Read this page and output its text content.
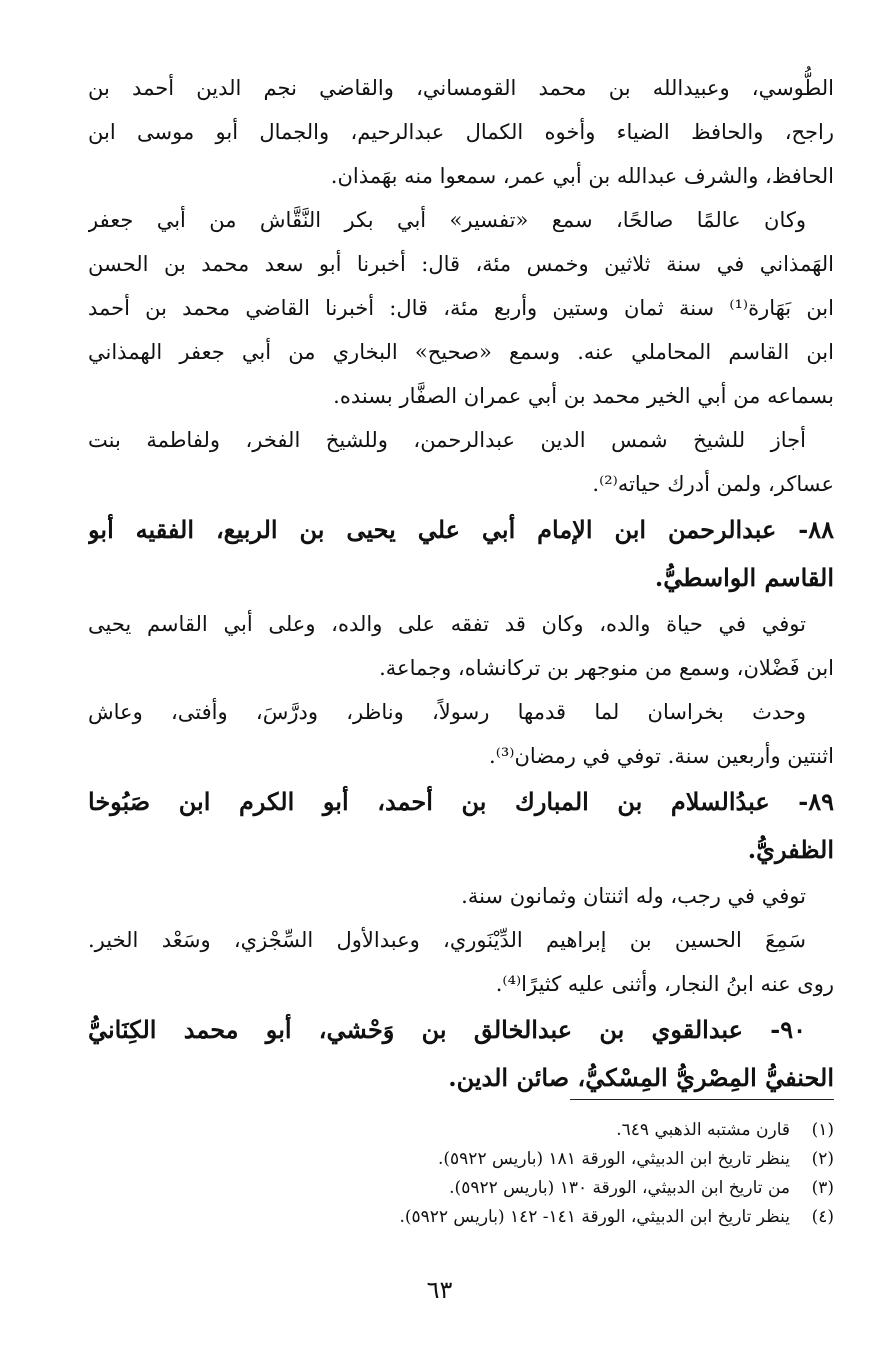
الطُّوسي، وعبيدالله بن محمد القومساني، والقاضي نجم الدين أحمد بن
راجح، والحافظ الضياء وأخوه الكمال عبدالرحيم، والجمال أبو موسى ابن
الحافظ، والشرف عبدالله بن أبي عمر، سمعوا منه بهَمذان.
وكان عالمًا صالحًا، سمع «تفسير» أبي بكر النَّقَّاش من أبي جعفر
الهَمذاني في سنة ثلاثين وخمس مئة، قال: أخبرنا أبو سعد محمد بن الحسن
ابن بَهَارة⁽¹⁾ سنة ثمان وستين وأربع مئة، قال: أخبرنا القاضي محمد بن أحمد
ابن القاسم المحاملي عنه. وسمع «صحيح» البخاري من أبي جعفر الهمذاني
بسماعه من أبي الخير محمد بن أبي عمران الصفَّار بسنده.
أجاز للشيخ شمس الدين عبدالرحمن، وللشيخ الفخر، ولفاطمة بنت
عساكر، ولمن أدرك حياته⁽²⁾.
٨٨- عبدالرحمن ابن الإمام أبي علي يحيى بن الربيع، الفقيه أبو
القاسم الواسطيُّ.
توفي في حياة والده، وكان قد تفقه على والده، وعلى أبي القاسم يحيى
ابن فَضْلان، وسمع من منوجهر بن تركانشاه، وجماعة.
وحدث بخراسان لما قدمها رسولاً، وناظر، ودرَّسَ، وأفتى، وعاش
اثنتين وأربعين سنة. توفي في رمضان⁽³⁾.
٨٩- عبدُالسلام بن المبارك بن أحمد، أبو الكرم ابن صَبُوخا
الظفريُّ.
توفي في رجب، وله اثنتان وثمانون سنة.
سَمِعَ الحسين بن إبراهيم الدِّيْنَوري، وعبدالأول السِّجْزي، وسَعْد الخير.
روى عنه ابنُ النجار، وأثنى عليه كثيرًا⁽⁴⁾.
٩٠- عبدالقوي بن عبدالخالق بن وَحْشي، أبو محمد الكِنَانيُّ
الحنفيُّ المِصْريُّ المِسْكيُّ، صائن الدين.
(١)
قارن مشتبه الذهبي ٦٤٩.
(٢)
ينظر تاريخ ابن الدبيثي، الورقة ١٨١ (باريس ٥٩٢٢).
(٣)
من تاريخ ابن الدبيثي، الورقة ١٣٠ (باريس ٥٩٢٢).
(٤)
ينظر تاريخ ابن الدبيثي، الورقة ١٤١- ١٤٢ (باريس ٥٩٢٢).
٦٣
